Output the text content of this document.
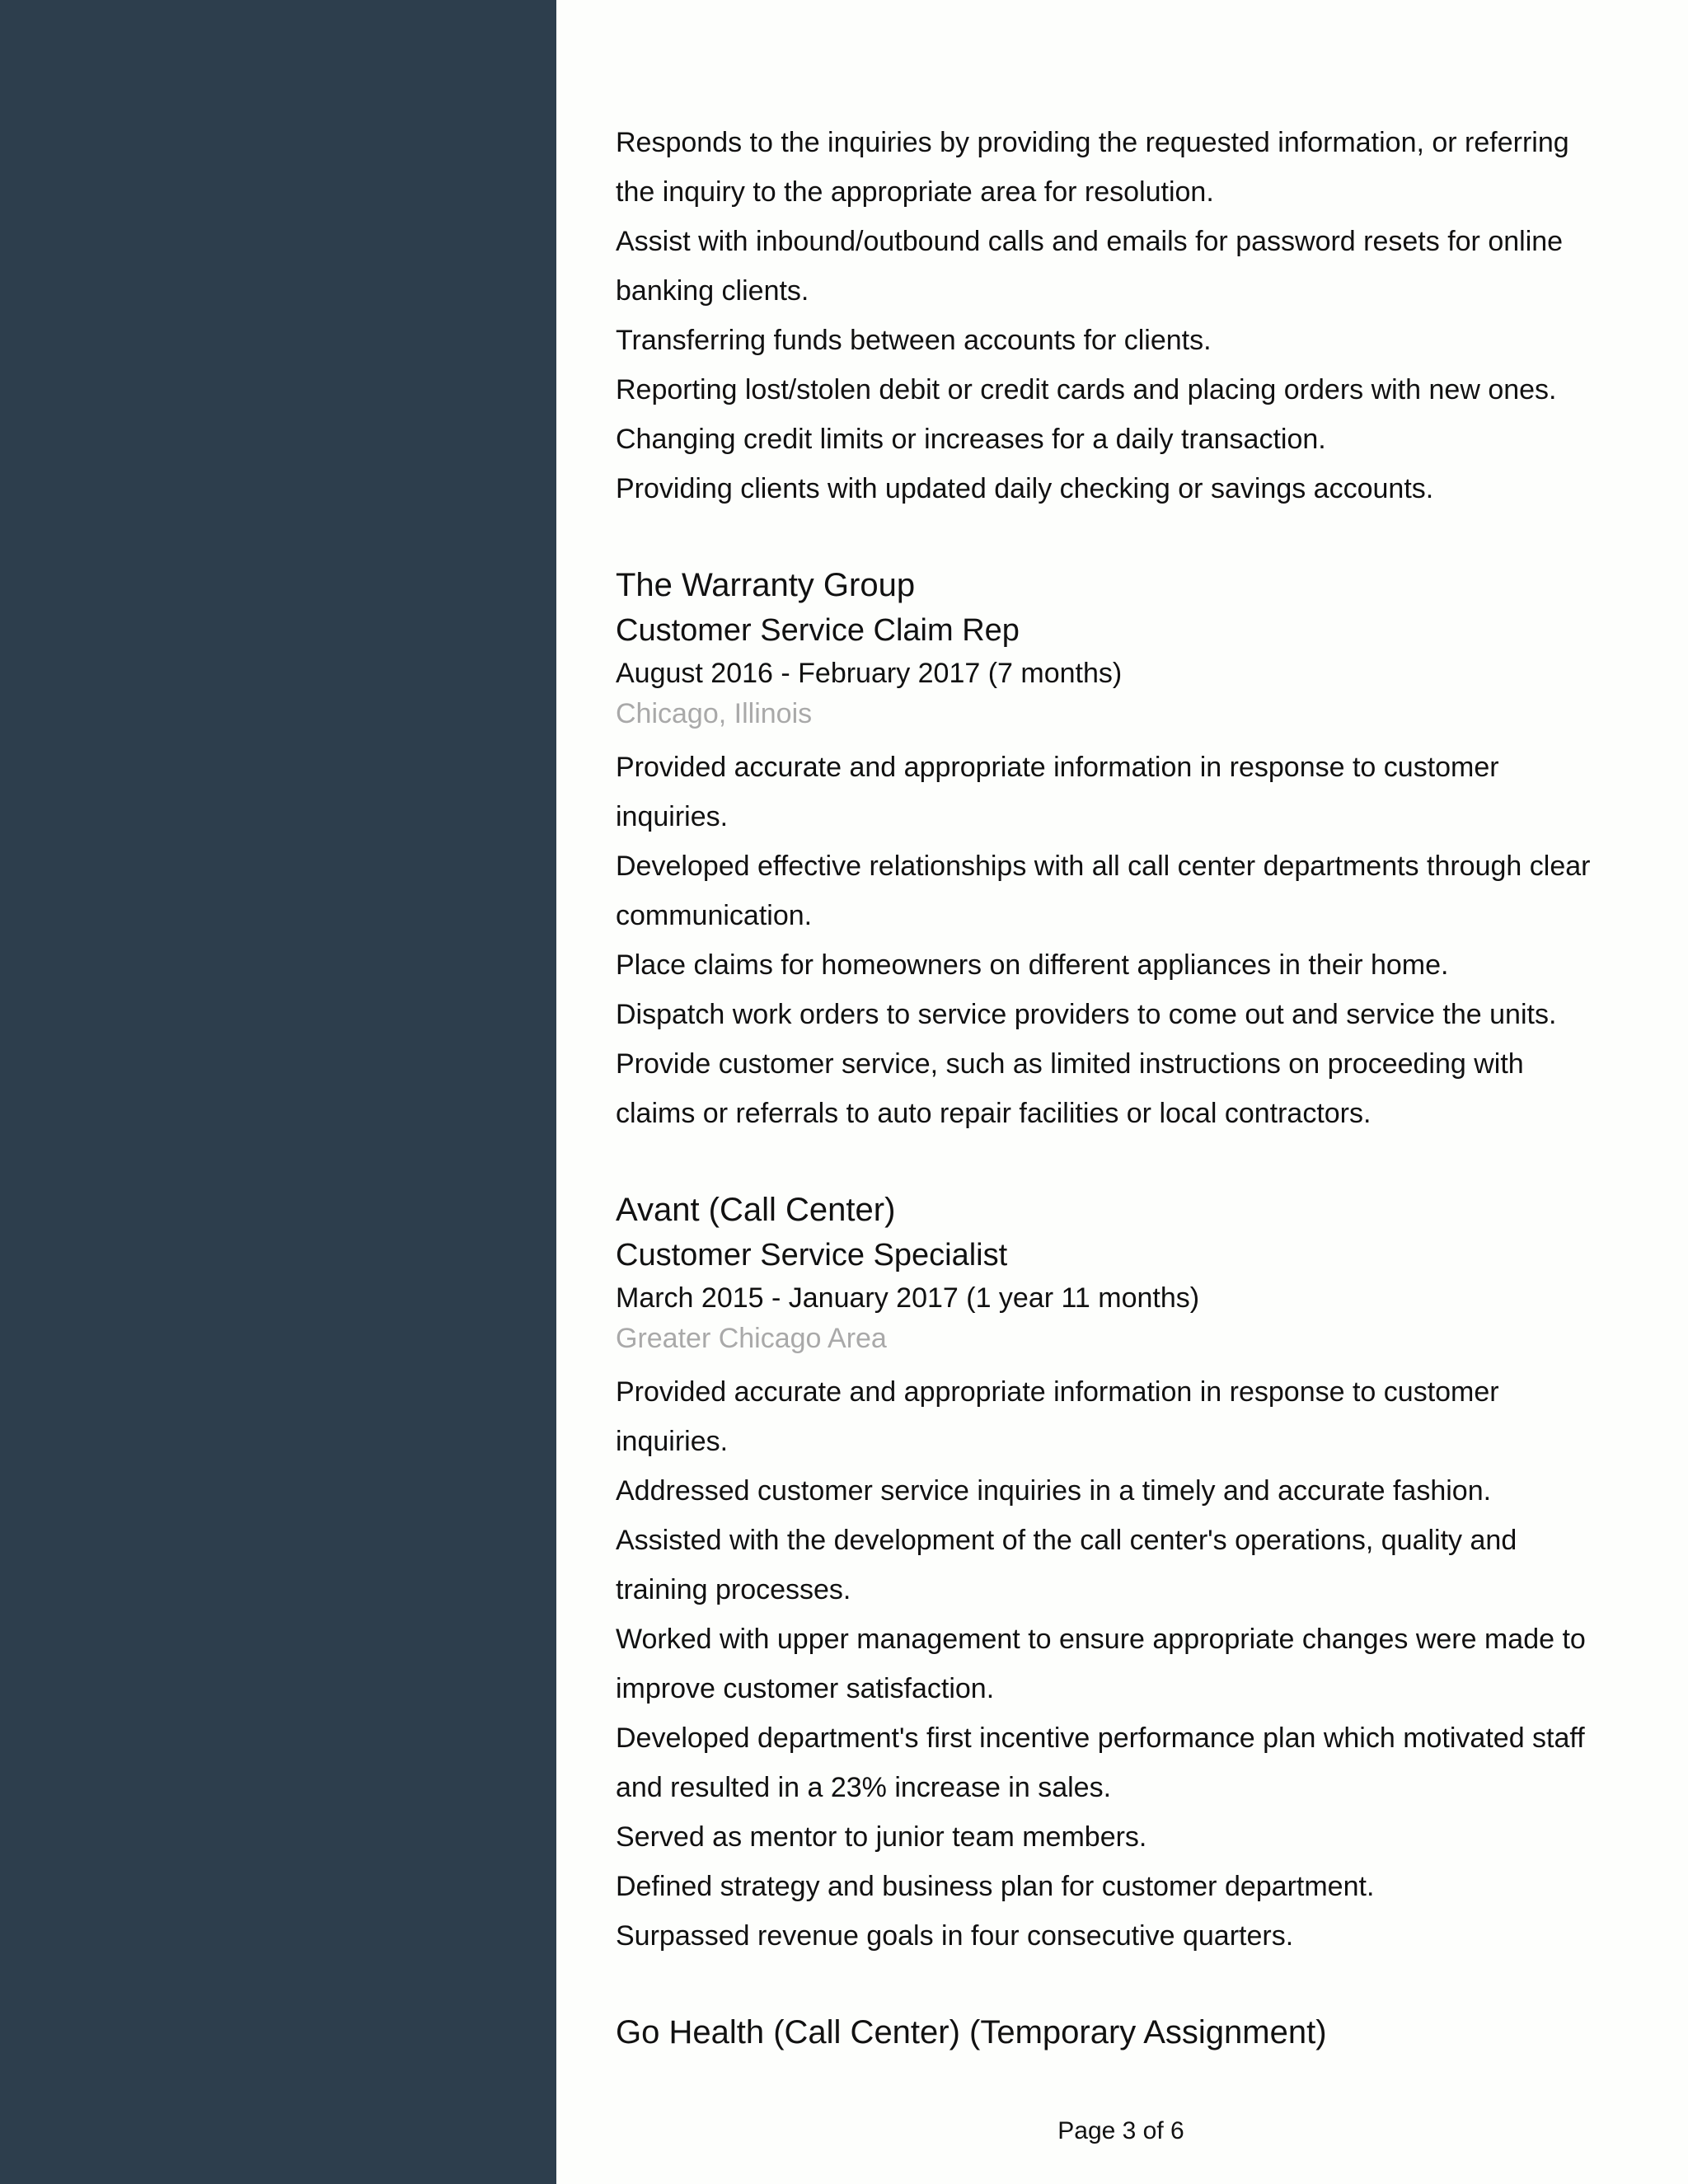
Responds to the inquiries by providing the requested information, or referring

the inquiry to the appropriate area for resolution.

Assist with inbound/outbound calls and emails for password resets for online

banking clients.

Transferring funds between accounts for clients.

Reporting lost/stolen debit or credit cards and placing orders with new ones.

Changing credit limits or increases for a daily transaction.

Providing clients with updated daily checking or savings accounts.

The Warranty Group

Customer Service Claim Rep

August 2016 - February 2017 (7 months)

Chicago, Illinois

Provided accurate and appropriate information in response to customer

inquiries.

Developed effective relationships with all call center departments through clear

communication.

Place claims for homeowners on different appliances in their home.

Dispatch work orders to service providers to come out and service the units.

Provide customer service, such as limited instructions on proceeding with

claims or referrals to auto repair facilities or local contractors.

Avant (Call Center)

Customer Service Specialist

March 2015 - January 2017 (1 year 11 months)

Greater Chicago Area

Provided accurate and appropriate information in response to customer

inquiries.

Addressed customer service inquiries in a timely and accurate fashion.

Assisted with the development of the call center's operations, quality and

training processes.

Worked with upper management to ensure appropriate changes were made to

improve customer satisfaction.

Developed department's first incentive performance plan which motivated staff

and resulted in a 23% increase in sales.

Served as mentor to junior team members.

Defined strategy and business plan for customer department.

Surpassed revenue goals in four consecutive quarters.

Go Health (Call Center) (Temporary Assignment)

Page 3 of 6
